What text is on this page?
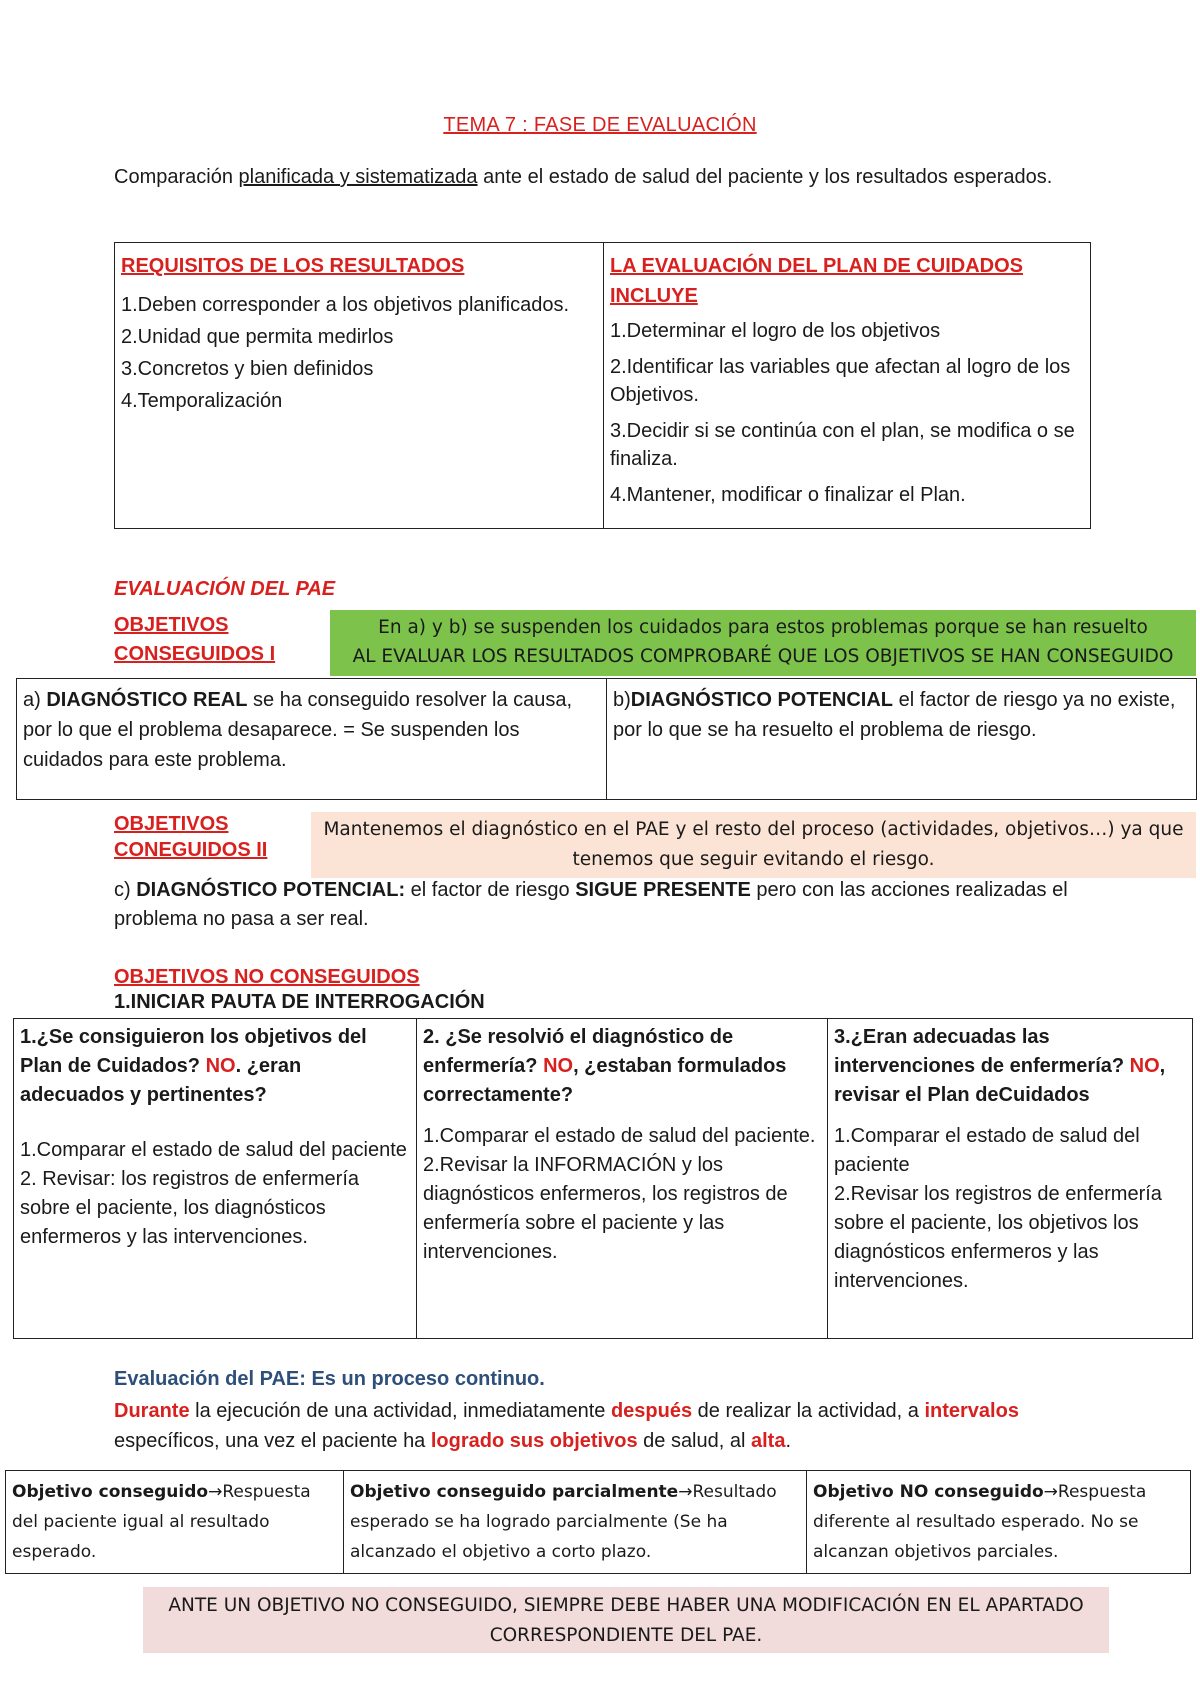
TEMA 7 : FASE DE EVALUACIÓN
Comparación planificada y sistematizada ante el estado de salud del paciente y los resultados esperados.
REQUISITOS DE LOS RESULTADOS
1.Deben corresponder a los objetivos planificados.
2.Unidad que permita medirlos
3.Concretos y bien definidos
4.Temporalización

LA EVALUACIÓN DEL PLAN DE CUIDADOS INCLUYE
1.Determinar el logro de los objetivos
2.Identificar las variables que afectan al logro de los Objetivos.
3.Decidir si se continúa con el plan, se modifica o se finaliza.
4.Mantener, modificar o finalizar el Plan.
EVALUACIÓN DEL PAE
OBJETIVOS CONSEGUIDOS I
En a) y b) se suspenden los cuidados para estos problemas porque se han resuelto
AL EVALUAR LOS RESULTADOS COMPROBARÉ QUE LOS OBJETIVOS SE HAN CONSEGUIDO
a) DIAGNÓSTICO REAL se ha conseguido resolver la causa, por lo que el problema desaparece. = Se suspenden los cuidados para este problema.	b)DIAGNÓSTICO POTENCIAL el factor de riesgo ya no existe, por lo que se ha resuelto el problema de riesgo.
OBJETIVOS CONEGUIDOS II
Mantenemos el diagnóstico en el PAE y el resto del proceso (actividades, objetivos…) ya que tenemos que seguir evitando el riesgo.
c) DIAGNÓSTICO POTENCIAL: el factor de riesgo SIGUE PRESENTE pero con las acciones realizadas el problema no pasa a ser real.
OBJETIVOS NO CONSEGUIDOS
1.INICIAR PAUTA DE INTERROGACIÓN
1.¿Se consiguieron los objetivos del Plan de Cuidados? NO. ¿eran adecuados y pertinentes?
1.Comparar el estado de salud del paciente
2. Revisar: los registros de enfermería sobre el paciente, los diagnósticos enfermeros y las intervenciones.

2. ¿Se resolvió el diagnóstico de enfermería? NO, ¿estaban formulados correctamente?
1.Comparar el estado de salud del paciente.
2.Revisar la INFORMACIÓN y los diagnósticos enfermeros, los registros de enfermería sobre el paciente y las intervenciones.

3.¿Eran adecuadas las intervenciones de enfermería? NO, revisar el Plan deCuidados
1.Comparar el estado de salud del paciente
2.Revisar los registros de enfermería sobre el paciente, los objetivos los diagnósticos enfermeros y las intervenciones.
Evaluación del PAE: Es un proceso continuo.
Durante la ejecución de una actividad, inmediatamente después de realizar la actividad, a intervalos específicos, una vez el paciente ha logrado sus objetivos de salud, al alta.
Objetivo conseguido→Respuesta del paciente igual al resultado esperado.	Objetivo conseguido parcialmente→Resultado esperado se ha logrado parcialmente (Se ha alcanzado el objetivo a corto plazo.	Objetivo NO conseguido→Respuesta diferente al resultado esperado. No se alcanzan objetivos parciales.
ANTE UN OBJETIVO NO CONSEGUIDO, SIEMPRE DEBE HABER UNA MODIFICACIÓN EN EL APARTADO CORRESPONDIENTE DEL PAE.
